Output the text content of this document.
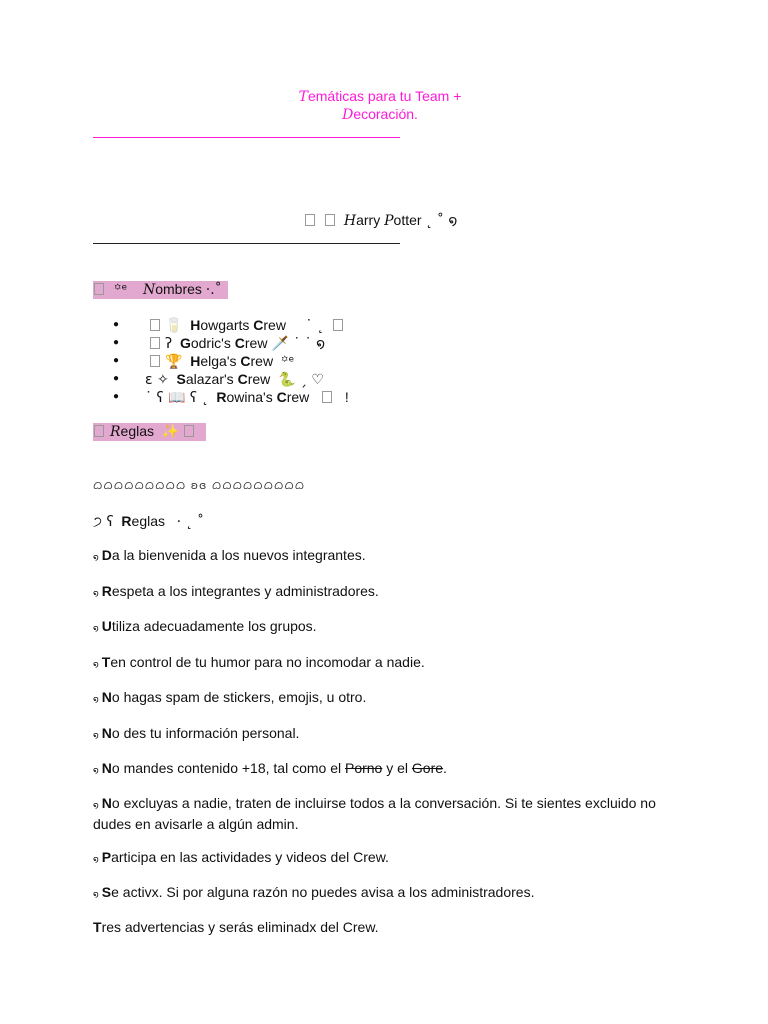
Temáticas para tu Team +
Decoración.
Harry Potter ˛ ˚ ໑
꙳ᵉ Nombres ·.˚
● 🥛 Howgarts Crew ˙ ˛
● ʔ Godric's Crew 🗡️ ˙ ˙ ໑
● 🏆 Helga's Crew ꙳ᵉ
● ɛ ✧ Salazar's Crew 🐍 ˏ ♡
● ˙ ʕ 📖 ʕ ˛ Rowina's Crew	!
Reglas ✨
ᜊᜊᜊᜊᜊᜊᜊᜊᜊ ʚɞ ᜊᜊᜊᜊᜊᜊᜊᜊᜊ
੭ ʕ Reglas · ˛ ˚
໑ Da la bienvenida a los nuevos integrantes.
໑ Respeta a los integrantes y administradores.
໑ Utiliza adecuadamente los grupos.
໑ Ten control de tu humor para no incomodar a nadie.
໑ No hagas spam de stickers, emojis, u otro.
໑ No des tu información personal.
໑ No mandes contenido +18, tal como el Porno y el Gore.
໑ No excluyas a nadie, traten de incluirse todos a la conversación. Si te sientes excluido no dudes en avisarle a algún admin.
໑ Participa en las actividades y videos del Crew.
໑ Se activx. Si por alguna razón no puedes avisa a los administradores.
Tres advertencias y serás eliminadx del Crew.
